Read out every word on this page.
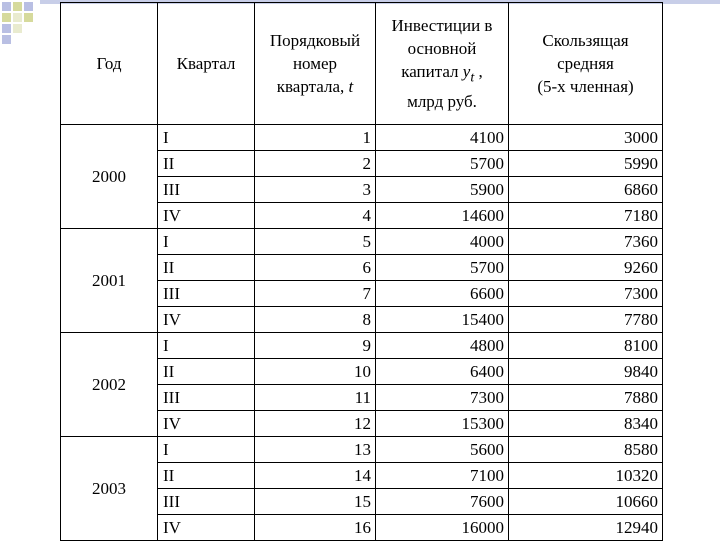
Год	Квартал	Порядковый
номер
квартала, t	Инвестиции в
основной
капитал $y_t$ ,
млрд руб.	Скользящая
средняя
(5-х членная)
2000	I	1	4100	3000
	II	2	5700	5990
	III	3	5900	6860
	IV	4	14600	7180
2001	I	5	4000	7360
	II	6	5700	9260
	III	7	6600	7300
	IV	8	15400	7780
2002	I	9	4800	8100
	II	10	6400	9840
	III	11	7300	7880
	IV	12	15300	8340
2003	I	13	5600	8580
	II	14	7100	10320
	III	15	7600	10660
	IV	16	16000	12940
